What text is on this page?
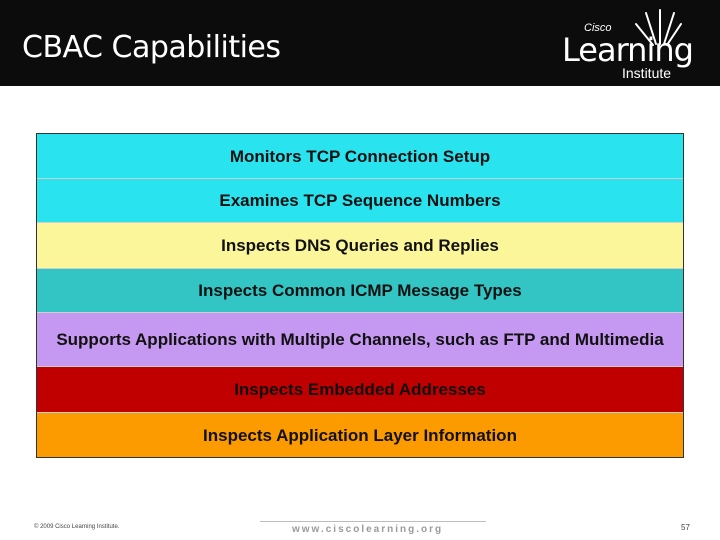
CBAC Capabilities
Cisco
Learning
Institute
Monitors TCP Connection Setup
Examines TCP Sequence Numbers
Inspects DNS Queries and Replies
Inspects Common ICMP Message Types
Supports Applications with Multiple Channels, such as FTP and Multimedia
Inspects Embedded Addresses
Inspects Application Layer Information
© 2009 Cisco Learning Institute.	www.ciscolearning.org	57
